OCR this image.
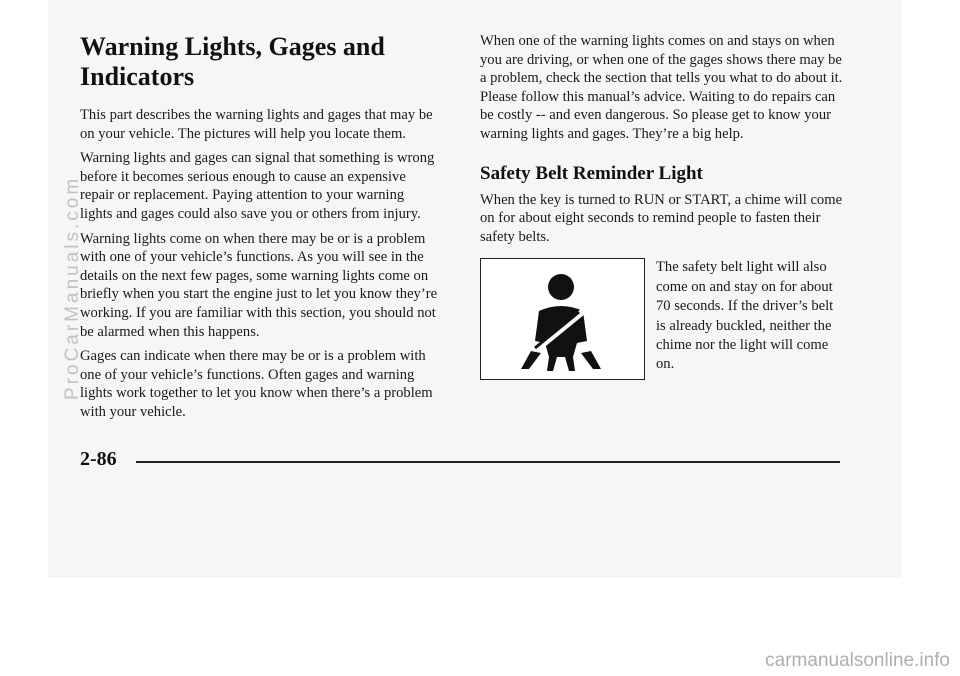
Warning Lights, Gages and Indicators

This part describes the warning lights and gages that may be on your vehicle. The pictures will help you locate them.

Warning lights and gages can signal that something is wrong before it becomes serious enough to cause an expensive repair or replacement. Paying attention to your warning lights and gages could also save you or others from injury.

Warning lights come on when there may be or is a problem with one of your vehicle’s functions. As you will see in the details on the next few pages, some warning lights come on briefly when you start the engine just to let you know they’re working. If you are familiar with this section, you should not be alarmed when this happens.

Gages can indicate when there may be or is a problem with one of your vehicle’s functions. Often gages and warning lights work together to let you know when there’s a problem with your vehicle.

When one of the warning lights comes on and stays on when you are driving, or when one of the gages shows there may be a problem, check the section that tells you what to do about it. Please follow this manual’s advice. Waiting to do repairs can be costly -- and even dangerous. So please get to know your warning lights and gages. They’re a big help.

Safety Belt Reminder Light

When the key is turned to RUN or START, a chime will come on for about eight seconds to remind people to fasten their safety belts.

The safety belt light will also come on and stay on for about 70 seconds. If the driver’s belt is already buckled, neither the chime nor the light will come on.

2-86
ProCarManuals.com
carmanualsonline.info
